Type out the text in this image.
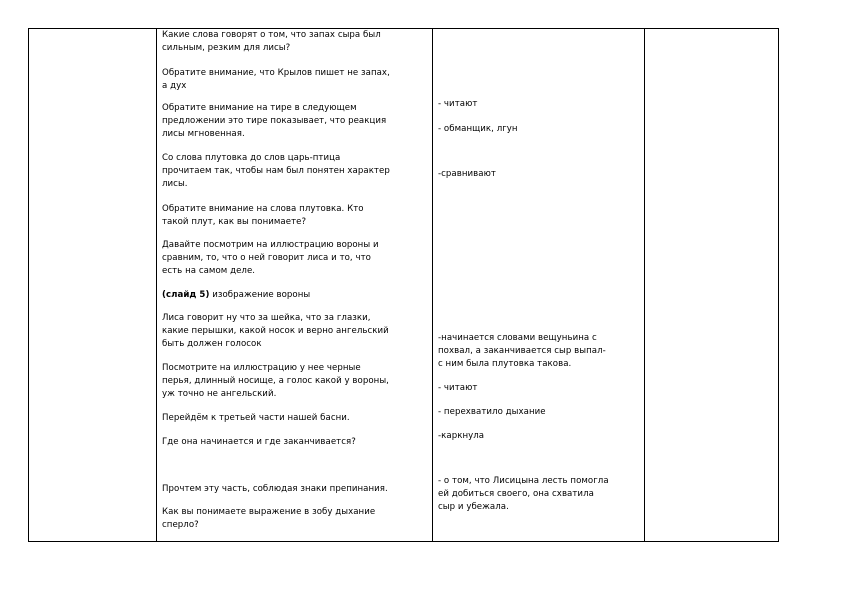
Какие слова говорят о том, что запах сыра был
сильным, резким для лисы?

Обратите внимание, что Крылов пишет не запах,
а дух

Обратите внимание на тире в следующем
предложении это тире показывает, что реакция
лисы мгновенная.

Со слова плутовка до слов царь-птица
прочитаем так, чтобы нам был понятен характер
лисы.

Обратите внимание на слова плутовка. Кто
такой плут, как вы понимаете?

Давайте посмотрим на иллюстрацию вороны и
сравним, то, что о ней говорит лиса и то, что
есть на самом деле.

(слайд 5) изображение вороны

Лиса говорит ну что за шейка, что за глазки,
какие перышки, какой носок и верно ангельский
быть должен голосок

Посмотрите на иллюстрацию у нее черные
перья, длинный носище, а голос какой у вороны,
уж точно не ангельский.

Перейдём к третьей части нашей басни.

Где она начинается и где заканчивается?

Прочтем эту часть, соблюдая знаки препинания.

Как вы понимаете выражение в зобу дыхание
сперло?

- читают

- обманщик, лгун

-сравнивают

-начинается словами вещуньина с
похвал, а заканчивается сыр выпал-
с ним была плутовка такова.

- читают

- перехватило дыхание

-каркнула

- о том, что Лисицына лесть помогла
ей добиться своего, она схватила
сыр и убежала.
